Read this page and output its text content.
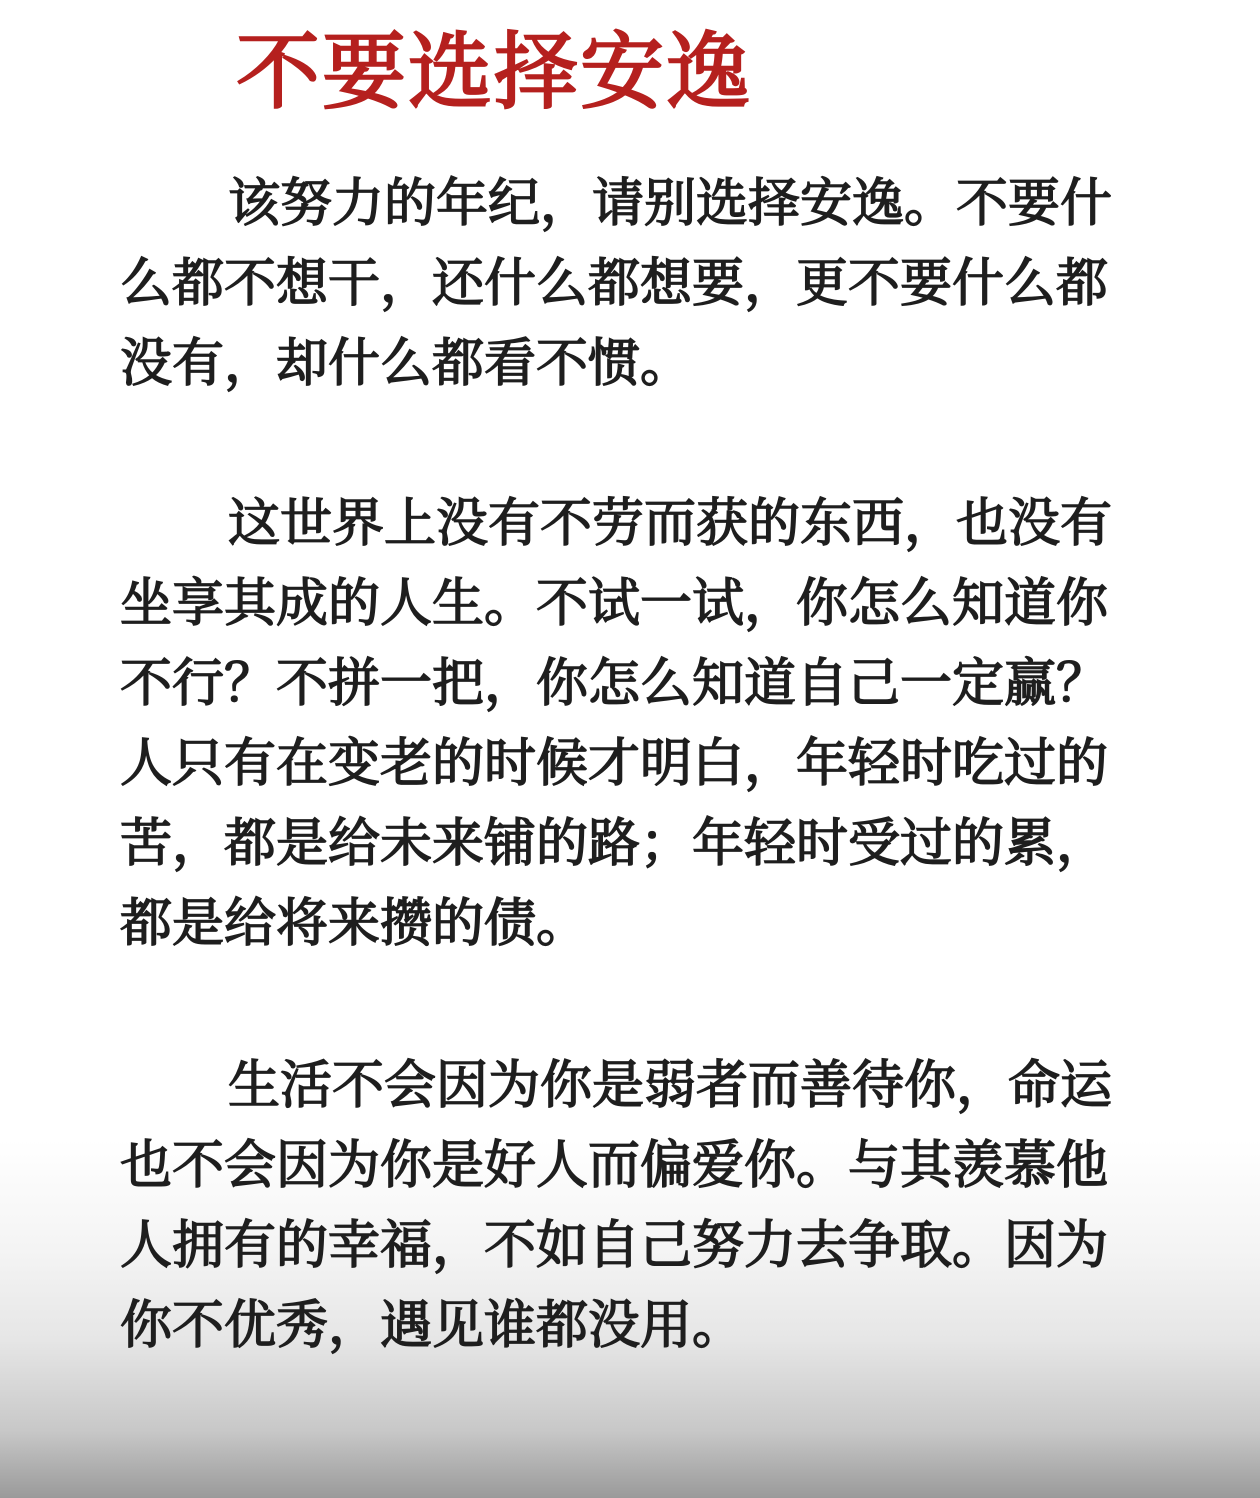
不要选择安逸

该努力的年纪，请别选择安逸。不要什么都不想干，还什么都想要，更不要什么都没有，却什么都看不惯。

这世界上没有不劳而获的东西，也没有坐享其成的人生。不试一试，你怎么知道你不行？不拼一把，你怎么知道自己一定赢？人只有在变老的时候才明白，年轻时吃过的苦，都是给未来铺的路；年轻时受过的累，都是给将来攒的债。

生活不会因为你是弱者而善待你，命运也不会因为你是好人而偏爱你。与其羡慕他人拥有的幸福，不如自己努力去争取。因为你不优秀，遇见谁都没用。
